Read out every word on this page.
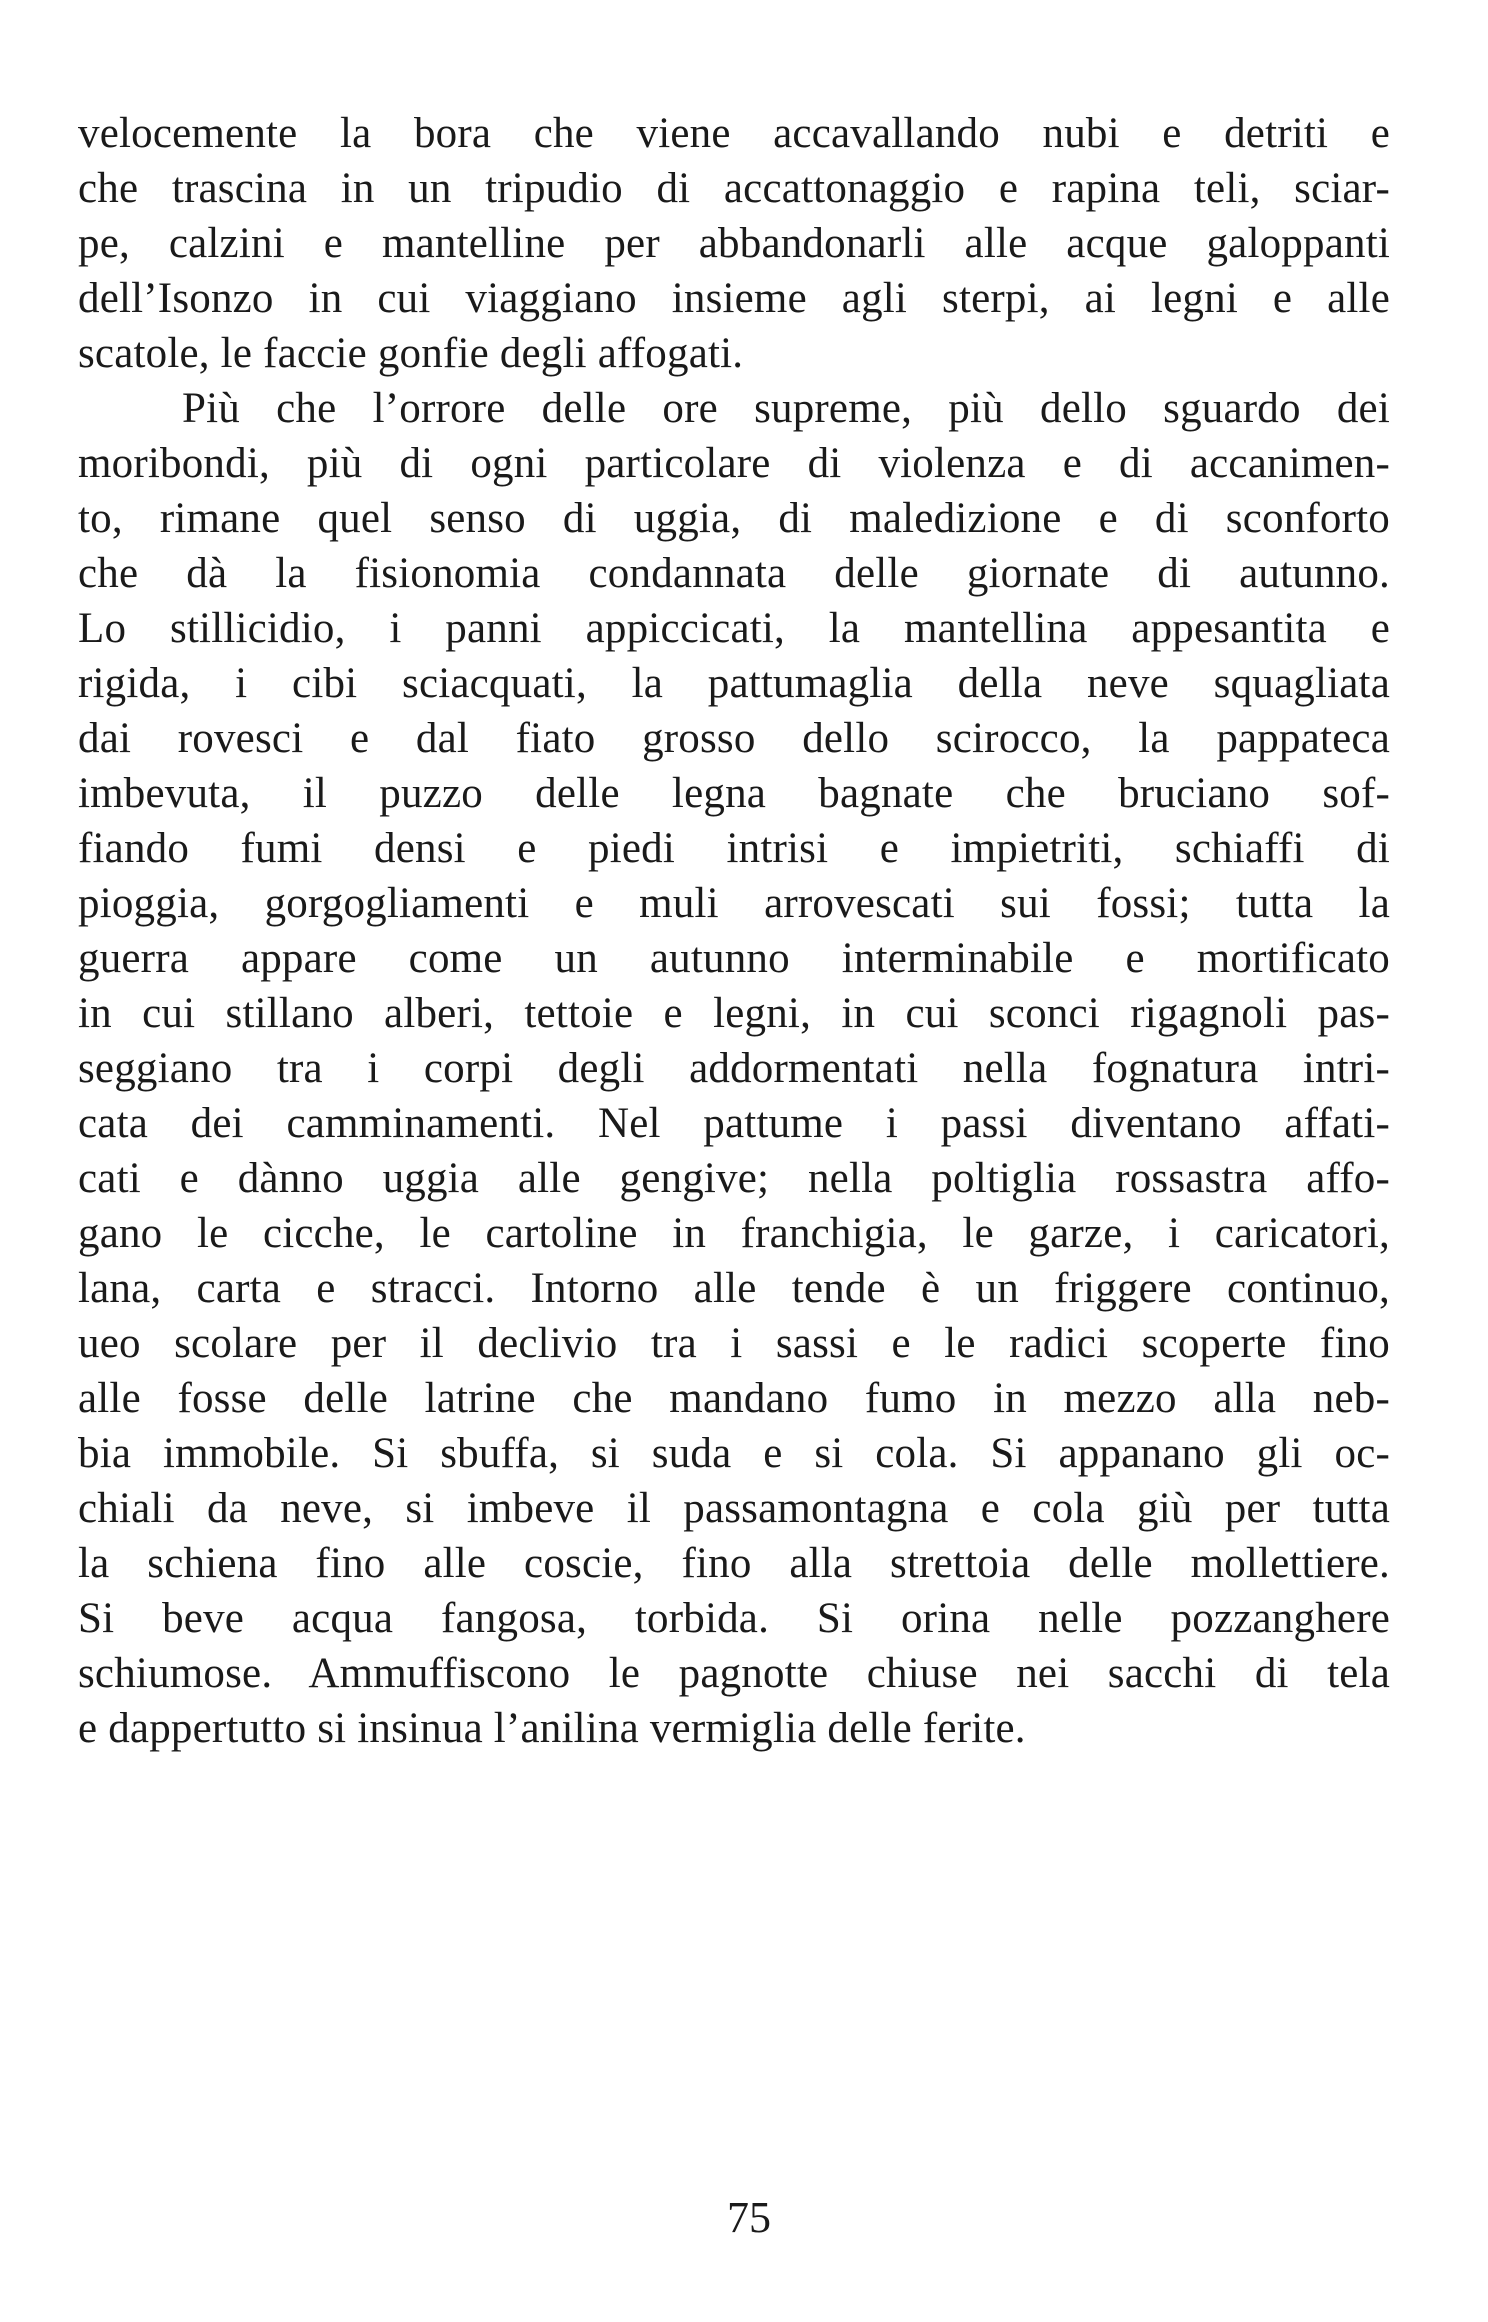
velocemente la bora che viene accavallando nubi e detriti e
che trascina in un tripudio di accattonaggio e rapina teli, sciar-
pe, calzini e mantelline per abbandonarli alle acque galoppanti
dell’Isonzo in cui viaggiano insieme agli sterpi, ai legni e alle
scatole, le faccie gonfie degli affogati.
Più che l’orrore delle ore supreme, più dello sguardo dei
moribondi, più di ogni particolare di violenza e di accanimen-
to, rimane quel senso di uggia, di maledizione e di sconforto
che dà la fisionomia condannata delle giornate di autunno.
Lo stillicidio, i panni appiccicati, la mantellina appesantita e
rigida, i cibi sciacquati, la pattumaglia della neve squagliata
dai rovesci e dal fiato grosso dello scirocco, la pappateca
imbevuta, il puzzo delle legna bagnate che bruciano sof-
fiando fumi densi e piedi intrisi e impietriti, schiaffi di
pioggia, gorgogliamenti e muli arrovescati sui fossi; tutta la
guerra appare come un autunno interminabile e mortificato
in cui stillano alberi, tettoie e legni, in cui sconci rigagnoli pas-
seggiano tra i corpi degli addormentati nella fognatura intri-
cata dei camminamenti. Nel pattume i passi diventano affati-
cati e dànno uggia alle gengive; nella poltiglia rossastra affo-
gano le cicche, le cartoline in franchigia, le garze, i caricatori,
lana, carta e stracci. Intorno alle tende è un friggere continuo,
ueo scolare per il declivio tra i sassi e le radici scoperte fino
alle fosse delle latrine che mandano fumo in mezzo alla neb-
bia immobile. Si sbuffa, si suda e si cola. Si appanano gli oc-
chiali da neve, si imbeve il passamontagna e cola giù per tutta
la schiena fino alle coscie, fino alla strettoia delle mollettiere.
Si beve acqua fangosa, torbida. Si orina nelle pozzanghere
schiumose. Ammuffiscono le pagnotte chiuse nei sacchi di tela
e dappertutto si insinua l’anilina vermiglia delle ferite.
75
